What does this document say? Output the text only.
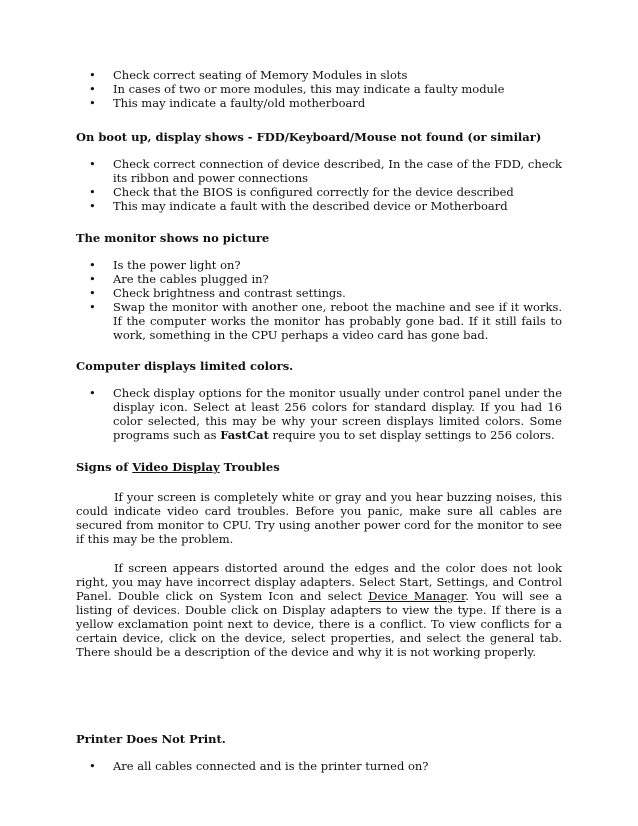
• Check correct seating of Memory Modules in slots
• In cases of two or more modules, this may indicate a faulty module
• This may indicate a faulty/old motherboard

On boot up, display shows - FDD/Keyboard/Mouse not found (or similar)

• Check correct connection of device described, In the case of the FDD, check its ribbon and power connections
• Check that the BIOS is configured correctly for the device described
• This may indicate a fault with the described device or Motherboard

The monitor shows no picture

• Is the power light on?
• Are the cables plugged in?
• Check brightness and contrast settings.
• Swap the monitor with another one, reboot the machine and see if it works. If the computer works the monitor has probably gone bad. If it still fails to work, something in the CPU perhaps a video card has gone bad.

Computer displays limited colors.

• Check display options for the monitor usually under control panel under the display icon. Select at least 256 colors for standard display. If you had 16 color selected, this may be why your screen displays limited colors. Some programs such as FastCat require you to set display settings to 256 colors.

Signs of Video Display Troubles

If your screen is completely white or gray and you hear buzzing noises, this could indicate video card troubles. Before you panic, make sure all cables are secured from monitor to CPU. Try using another power cord for the monitor to see if this may be the problem.

If screen appears distorted around the edges and the color does not look right, you may have incorrect display adapters. Select Start, Settings, and Control Panel. Double click on System Icon and select Device Manager. You will see a listing of devices. Double click on Display adapters to view the type. If there is a yellow exclamation point next to device, there is a conflict. To view conflicts for a certain device, click on the device, select properties, and select the general tab. There should be a description of the device and why it is not working properly.

Printer Does Not Print.

• Are all cables connected and is the printer turned on?
